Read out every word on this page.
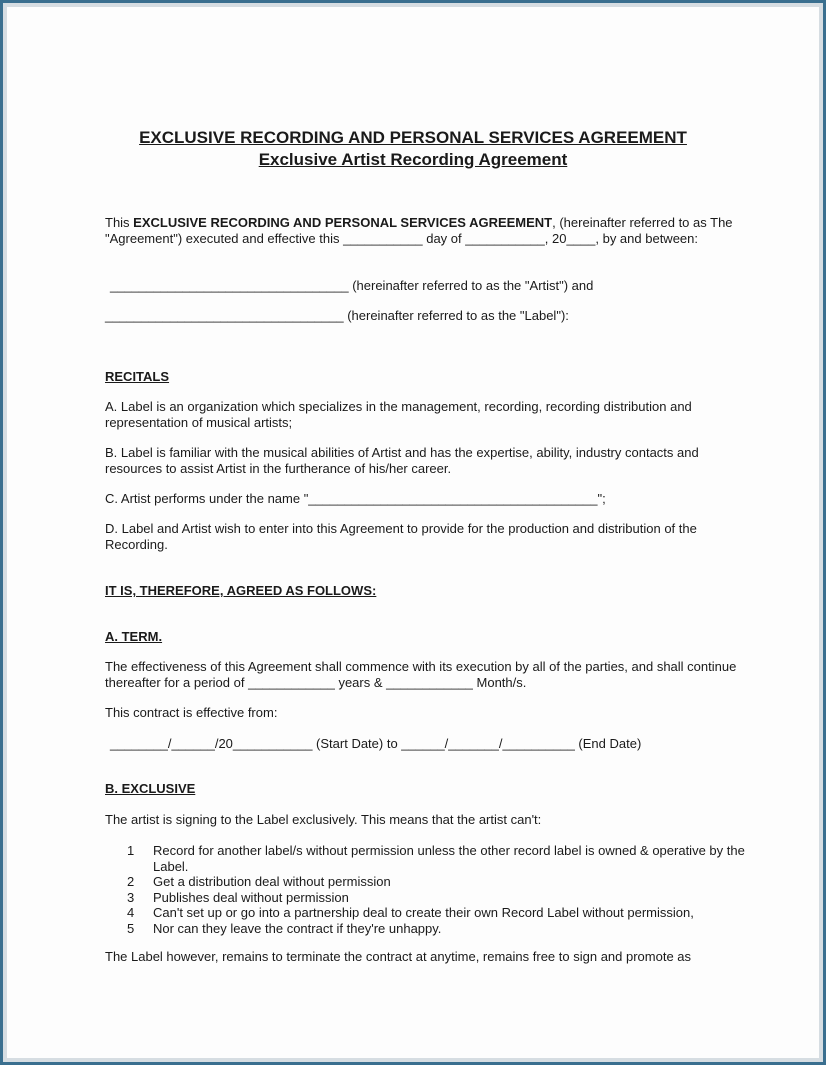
EXCLUSIVE RECORDING AND PERSONAL SERVICES AGREEMENT
Exclusive Artist Recording Agreement

This EXCLUSIVE RECORDING AND PERSONAL SERVICES AGREEMENT, (hereinafter referred to as The "Agreement") executed and effective this ___________ day of ___________, 20____, by and between:

_________________________________ (hereinafter referred to as the "Artist") and

_________________________________ (hereinafter referred to as the "Label"):

RECITALS

A. Label is an organization which specializes in the management, recording, recording distribution and representation of musical artists;

B. Label is familiar with the musical abilities of Artist and has the expertise, ability, industry contacts and resources to assist Artist in the furtherance of his/her career.

C. Artist performs under the name "________________________________________";

D. Label and Artist wish to enter into this Agreement to provide for the production and distribution of the Recording.

IT IS, THEREFORE, AGREED AS FOLLOWS:
A. TERM.

The effectiveness of this Agreement shall commence with its execution by all of the parties, and shall continue thereafter for a period of ____________ years & ____________ Month/s.

This contract is effective from:

________/______/20___________ (Start Date) to ______/_______/__________ (End Date)

B. EXCLUSIVE

The artist is signing to the Label exclusively. This means that the artist can't:

1	Record for another label/s without permission unless the other record label is owned & operative by the Label.
2	Get a distribution deal without permission
3	Publishes deal without permission
4	Can't set up or go into a partnership deal to create their own Record Label without permission,
5	Nor can they leave the contract if they're unhappy.

The Label however, remains to terminate the contract at anytime, remains free to sign and promote as
